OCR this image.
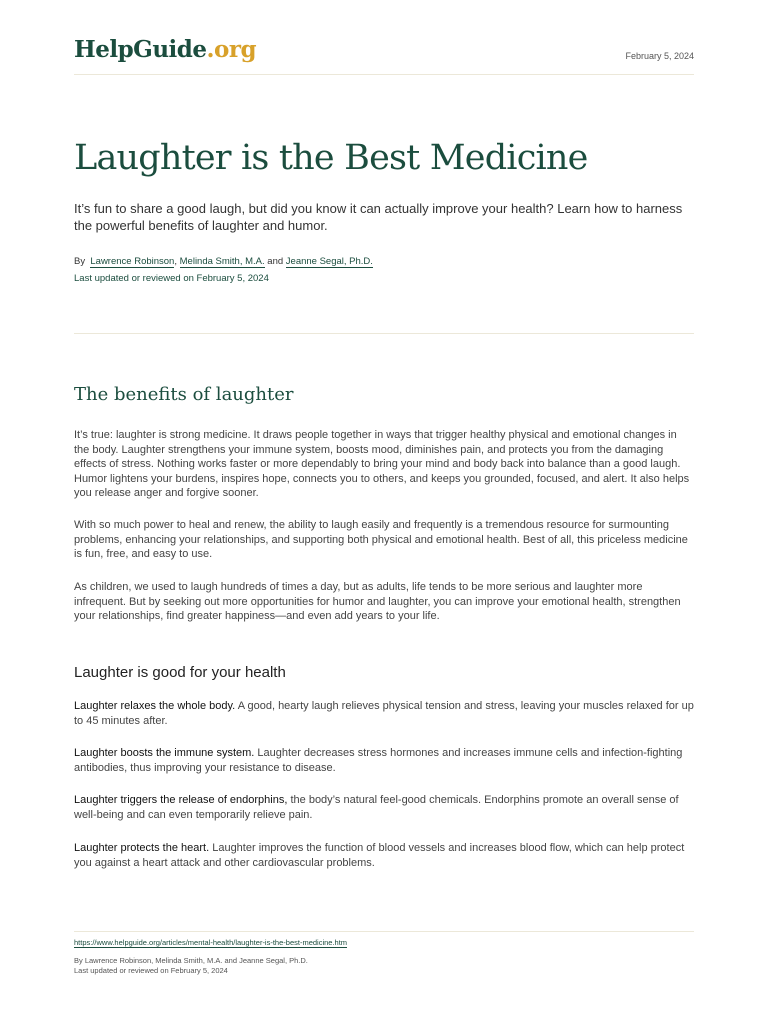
HelpGuide.org	February 5, 2024
Laughter is the Best Medicine

It’s fun to share a good laugh, but did you know it can actually improve your health? Learn how to harness the powerful benefits of laughter and humor.

By Lawrence Robinson, Melinda Smith, M.A. and Jeanne Segal, Ph.D.
Last updated or reviewed on February 5, 2024
The benefits of laughter

It’s true: laughter is strong medicine. It draws people together in ways that trigger healthy physical and emotional changes in the body. Laughter strengthens your immune system, boosts mood, diminishes pain, and protects you from the damaging effects of stress. Nothing works faster or more dependably to bring your mind and body back into balance than a good laugh. Humor lightens your burdens, inspires hope, connects you to others, and keeps you grounded, focused, and alert. It also helps you release anger and forgive sooner.

With so much power to heal and renew, the ability to laugh easily and frequently is a tremendous resource for surmounting problems, enhancing your relationships, and supporting both physical and emotional health. Best of all, this priceless medicine is fun, free, and easy to use.

As children, we used to laugh hundreds of times a day, but as adults, life tends to be more serious and laughter more infrequent. But by seeking out more opportunities for humor and laughter, you can improve your emotional health, strengthen your relationships, find greater happiness—and even add years to your life.

Laughter is good for your health

Laughter relaxes the whole body. A good, hearty laugh relieves physical tension and stress, leaving your muscles relaxed for up to 45 minutes after.

Laughter boosts the immune system. Laughter decreases stress hormones and increases immune cells and infection-fighting antibodies, thus improving your resistance to disease.

Laughter triggers the release of endorphins, the body’s natural feel-good chemicals. Endorphins promote an overall sense of well-being and can even temporarily relieve pain.

Laughter protects the heart. Laughter improves the function of blood vessels and increases blood flow, which can help protect you against a heart attack and other cardiovascular problems.

https://www.helpguide.org/articles/mental-health/laughter-is-the-best-medicine.htm
By Lawrence Robinson, Melinda Smith, M.A. and Jeanne Segal, Ph.D.
Last updated or reviewed on February 5, 2024
